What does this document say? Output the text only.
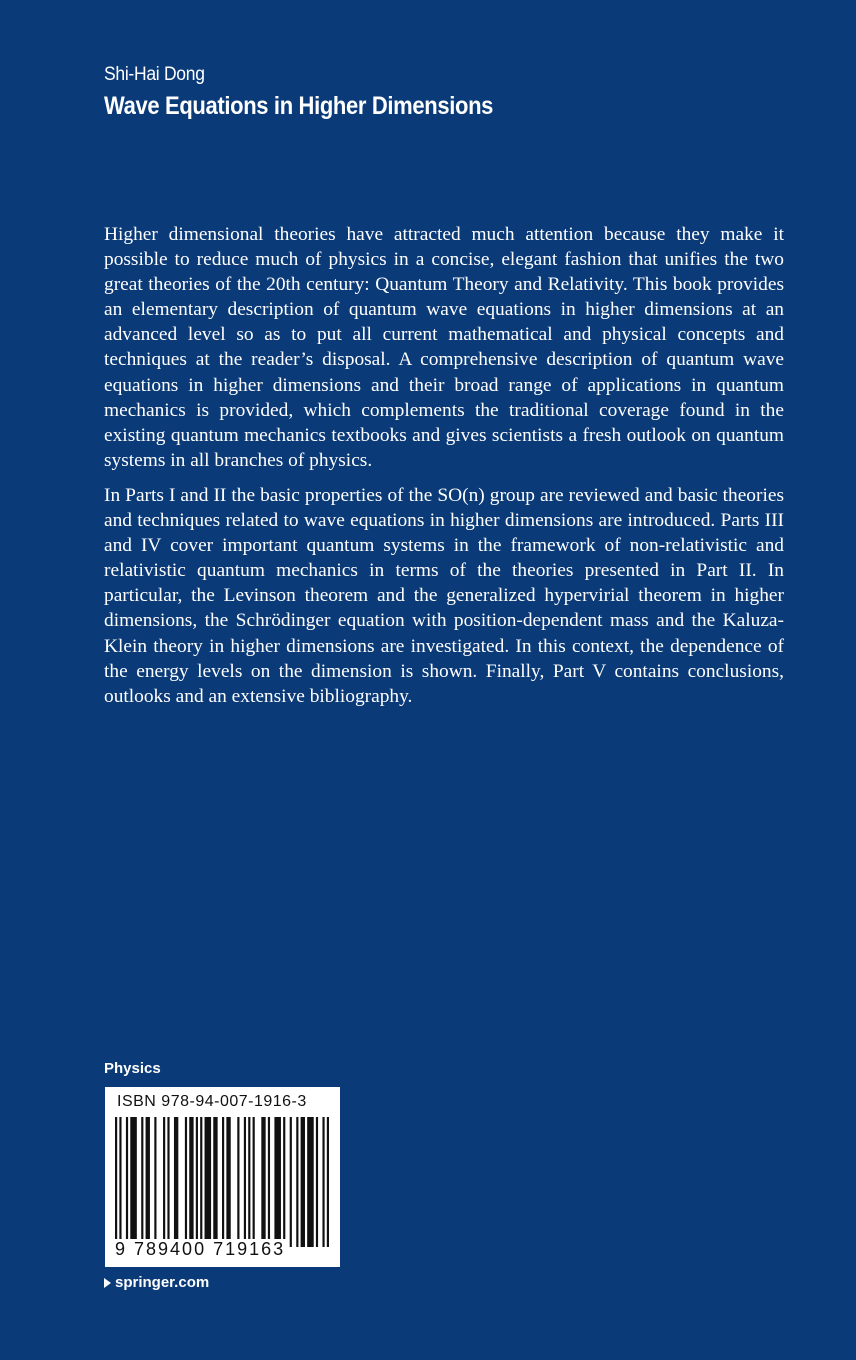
Shi-Hai Dong
Wave Equations in Higher Dimensions

Higher dimensional theories have attracted much attention because they make it possible to reduce much of physics in a concise, elegant fashion that unifies the two great theories of the 20th century: Quantum Theory and Relativity. This book provides an elementary description of quantum wave equations in higher dimensions at an advanced level so as to put all current mathematical and physical concepts and techniques at the reader’s disposal. A comprehensive description of quantum wave equations in higher dimensions and their broad range of applications in quantum mechanics is provided, which complements the traditional coverage found in the existing quantum mechanics textbooks and gives scientists a fresh outlook on quantum systems in all branches of physics.

In Parts I and II the basic properties of the SO(n) group are reviewed and basic theories and techniques related to wave equations in higher dimensions are introduced. Parts III and IV cover important quantum systems in the framework of non-relativistic and relativistic quantum mechanics in terms of the theories presented in Part II. In particular, the Levinson theorem and the generalized hypervirial theorem in higher dimensions, the Schrödinger equation with position-dependent mass and the Kaluza-Klein theory in higher dimensions are investigated. In this context, the dependence of the energy levels on the dimension is shown. Finally, Part V contains conclusions, outlooks and an extensive bibliography.

Physics
ISBN 978-94-007-1916-3
9 789400 719163
springer.com
